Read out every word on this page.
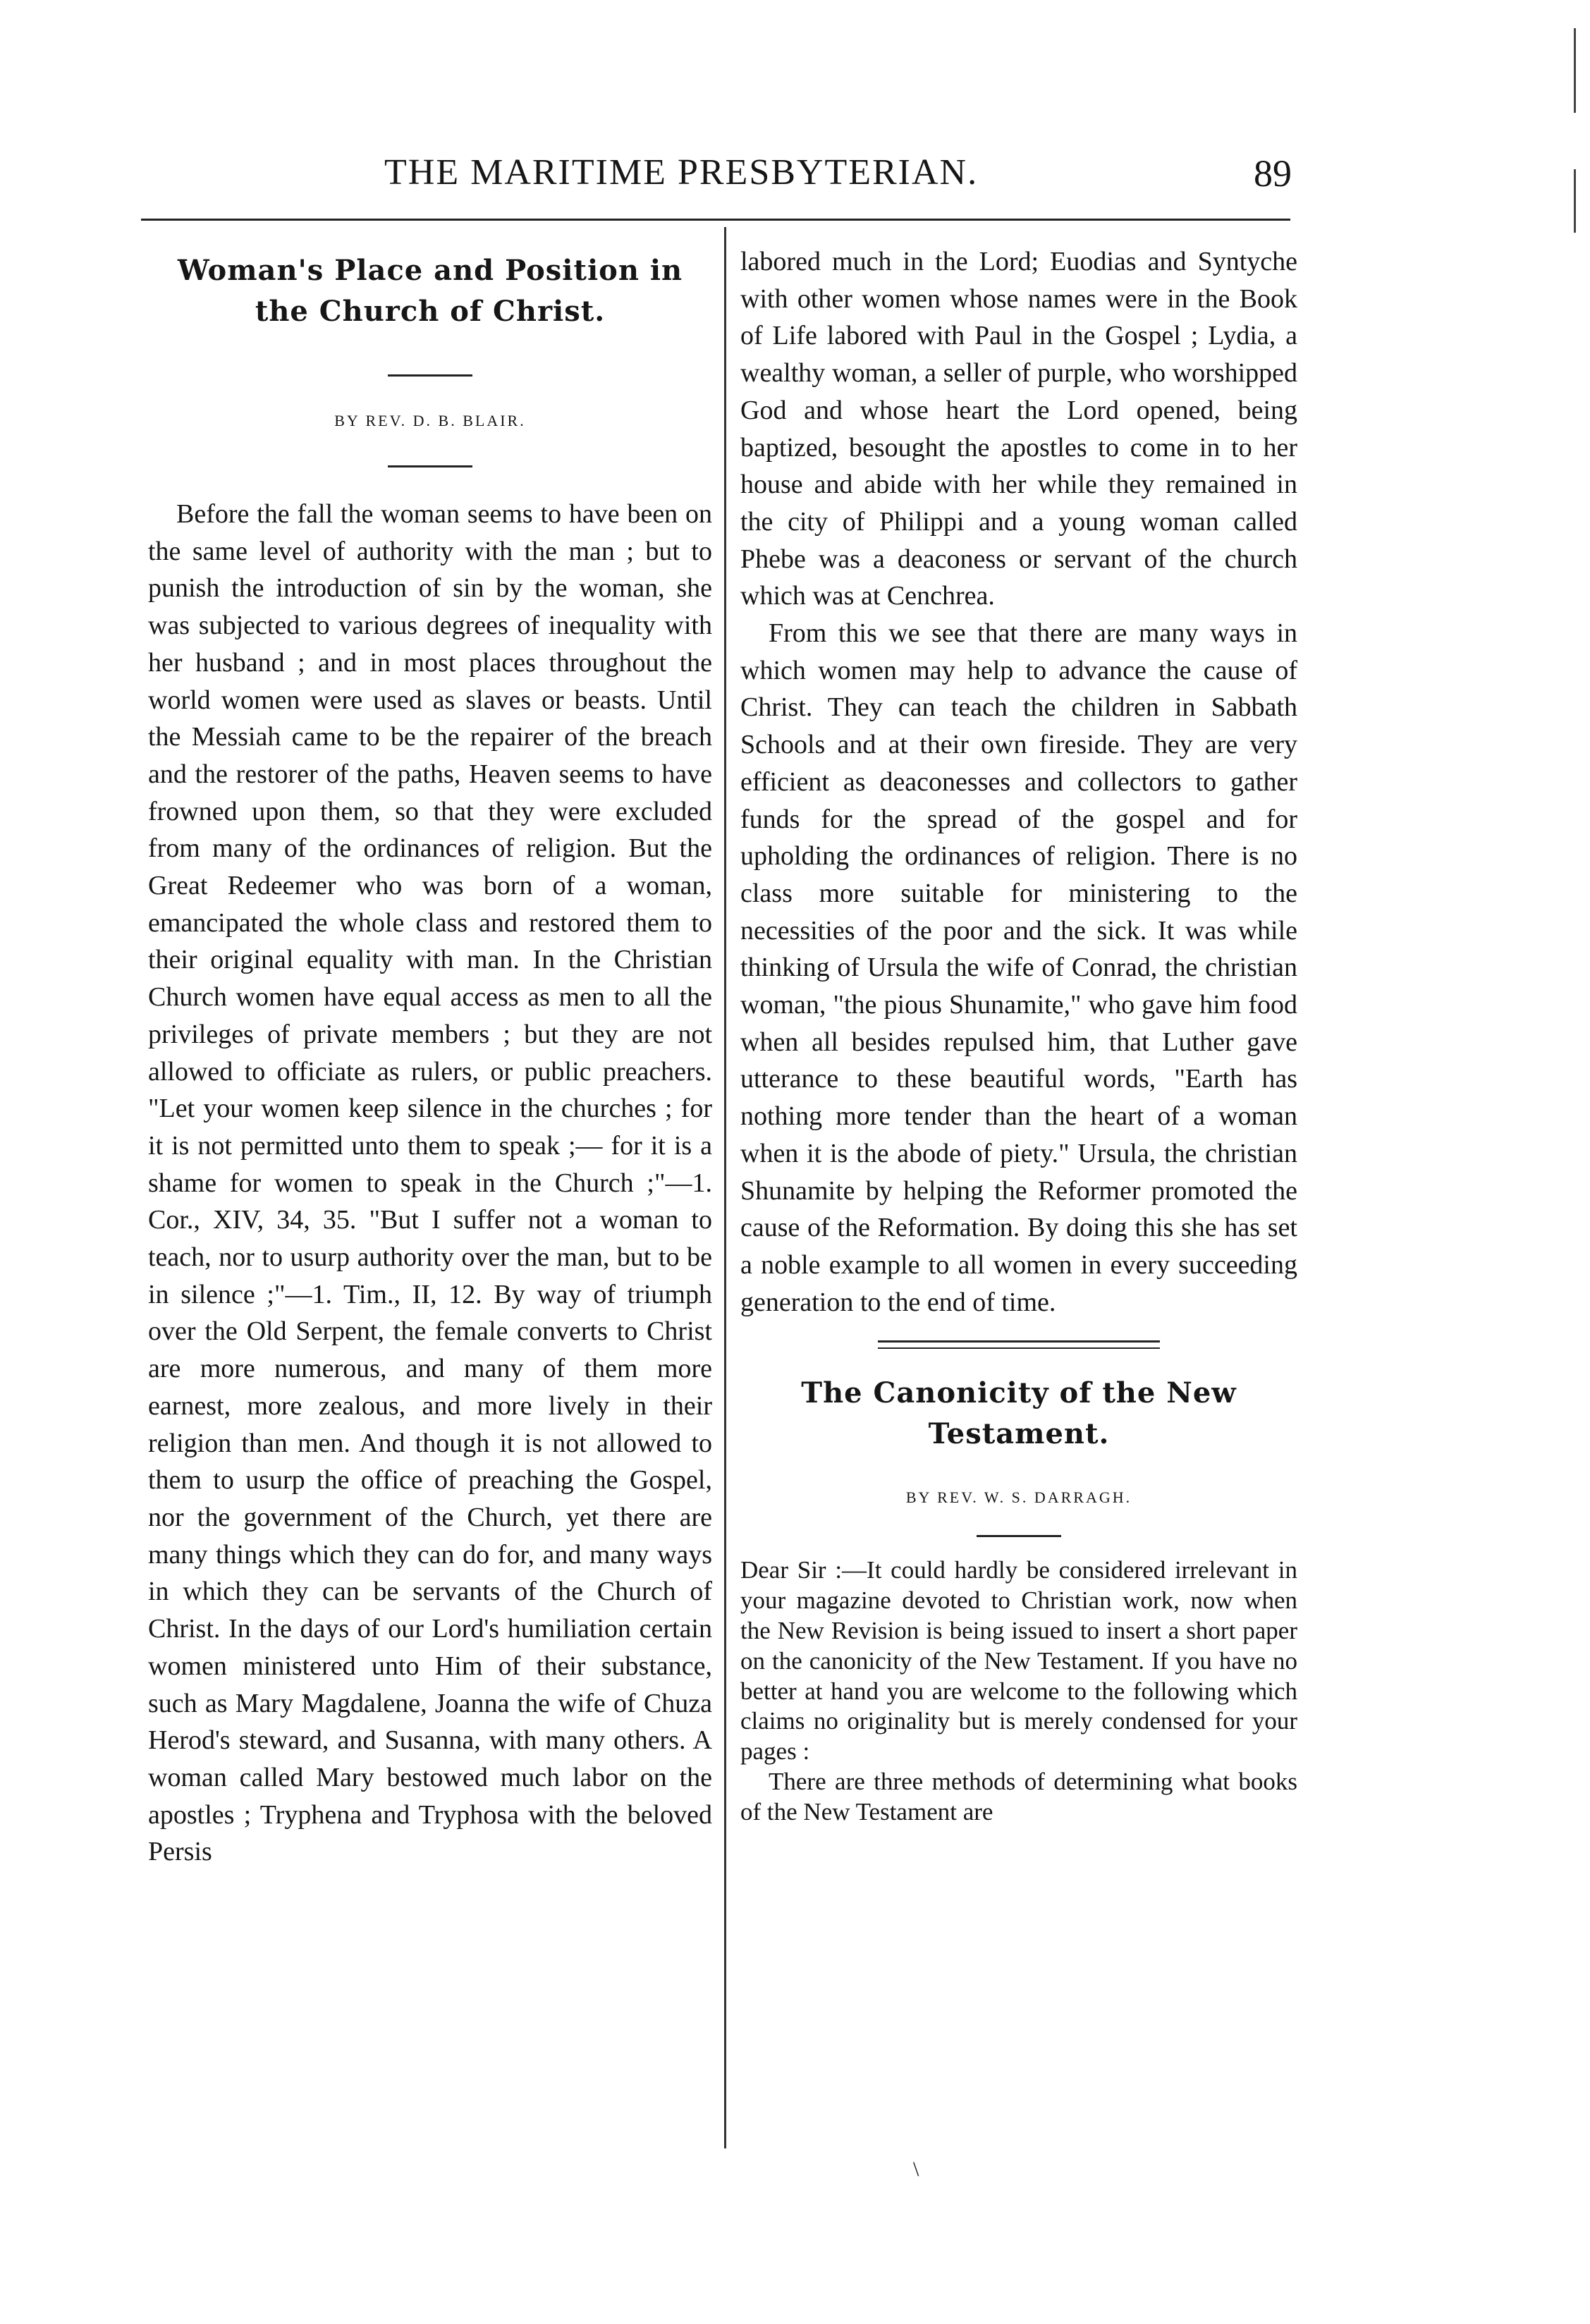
THE MARITIME PRESBYTERIAN.	89
Woman's Place and Position in
the Church of Christ.
BY REV. D. B. BLAIR.

Before the fall the woman seems to have been on the same level of authority with the man ; but to punish the introduction of sin by the woman, she was subjected to various degrees of inequality with her husband ; and in most places throughout the world women were used as slaves or beasts. Until the Messiah came to be the repairer of the breach and the restorer of the paths, Heaven seems to have frowned upon them, so that they were excluded from many of the ordinances of religion. But the Great Redeemer who was born of a woman, emancipated the whole class and restored them to their original equality with man. In the Christian Church women have equal access as men to all the privileges of private members ; but they are not allowed to officiate as rulers, or public preachers. "Let your women keep silence in the churches ; for it is not permitted unto them to speak ;— for it is a shame for women to speak in the Church ;"—1. Cor., XIV, 34, 35. "But I suffer not a woman to teach, nor to usurp authority over the man, but to be in silence ;"—1. Tim., II, 12. By way of triumph over the Old Serpent, the female converts to Christ are more numerous, and many of them more earnest, more zealous, and more lively in their religion than men. And though it is not allowed to them to usurp the office of preaching the Gospel, nor the government of the Church, yet there are many things which they can do for, and many ways in which they can be servants of the Church of Christ. In the days of our Lord's humiliation certain women ministered unto Him of their substance, such as Mary Magdalene, Joanna the wife of Chuza Herod's steward, and Susanna, with many others. A woman called Mary bestowed much labor on the apostles ; Tryphena and Tryphosa with the beloved Persis

labored much in the Lord; Euodias and Syntyche with other women whose names were in the Book of Life labored with Paul in the Gospel ; Lydia, a wealthy woman, a seller of purple, who worshipped God and whose heart the Lord opened, being baptized, besought the apostles to come in to her house and abide with her while they remained in the city of Philippi and a young woman called Phebe was a deaconess or servant of the church which was at Cenchrea.

From this we see that there are many ways in which women may help to advance the cause of Christ. They can teach the children in Sabbath Schools and at their own fireside. They are very efficient as deaconesses and collectors to gather funds for the spread of the gospel and for upholding the ordinances of religion. There is no class more suitable for ministering to the necessities of the poor and the sick. It was while thinking of Ursula the wife of Conrad, the christian woman, "the pious Shunamite," who gave him food when all besides repulsed him, that Luther gave utterance to these beautiful words, "Earth has nothing more tender than the heart of a woman when it is the abode of piety." Ursula, the christian Shunamite by helping the Reformer promoted the cause of the Reformation. By doing this she has set a noble example to all women in every succeeding generation to the end of time.

The Canonicity of the New
Testament.
BY REV. W. S. DARRAGH.

Dear Sir :—It could hardly be considered irrelevant in your magazine devoted to Christian work, now when the New Revision is being issued to insert a short paper on the canonicity of the New Testament. If you have no better at hand you are welcome to the following which claims no originality but is merely condensed for your pages :

There are three methods of determining what books of the New Testament are

\
